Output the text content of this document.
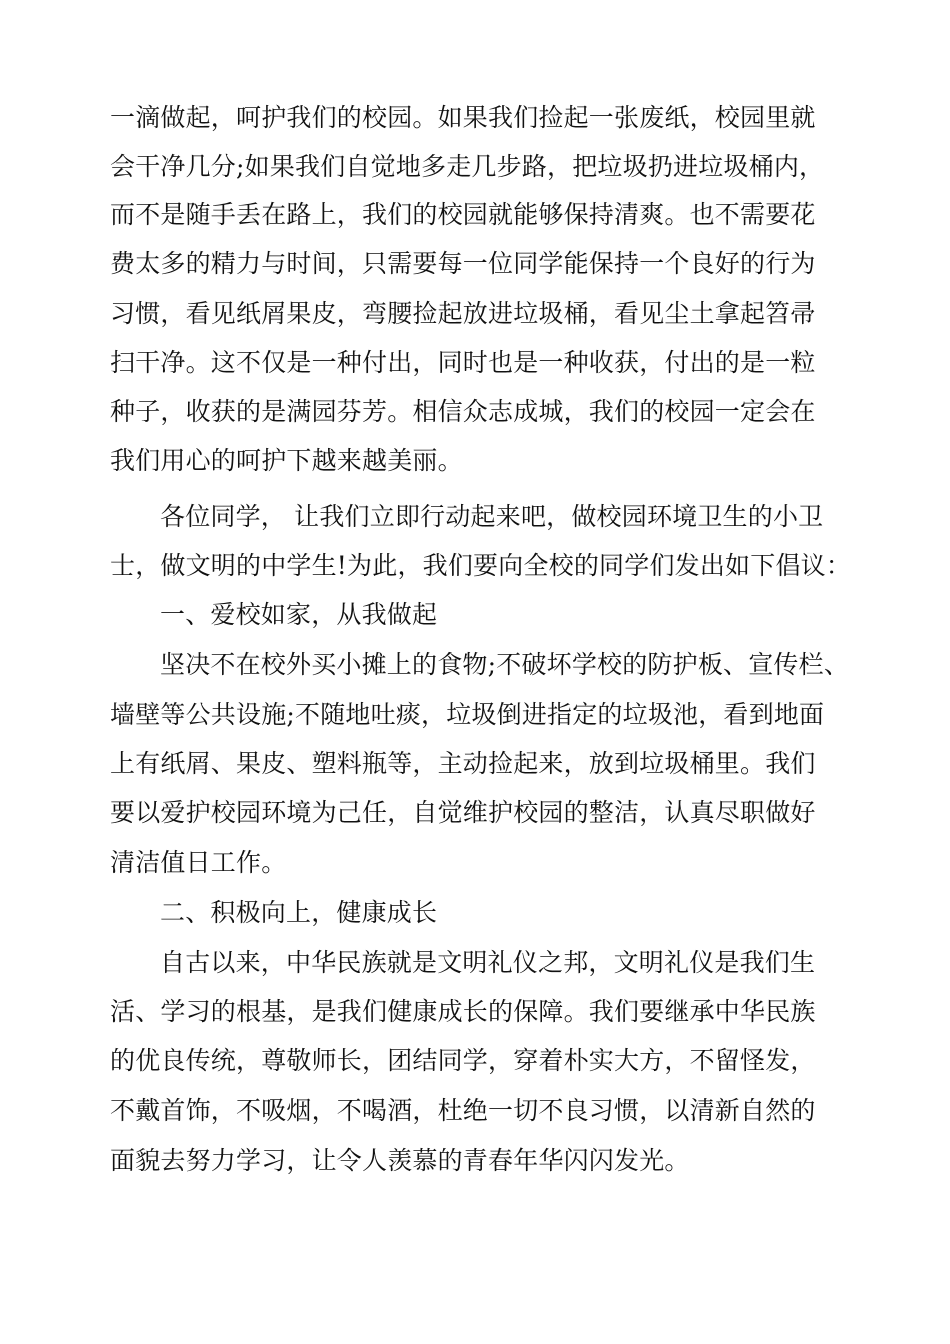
一滴做起，呵护我们的校园。如果我们捡起一张废纸，校园里就
会干净几分;如果我们自觉地多走几步路，把垃圾扔进垃圾桶内，
而不是随手丢在路上，我们的校园就能够保持清爽。也不需要花
费太多的精力与时间，只需要每一位同学能保持一个良好的行为
习惯，看见纸屑果皮，弯腰捡起放进垃圾桶，看见尘土拿起笤帚
扫干净。这不仅是一种付出，同时也是一种收获，付出的是一粒
种子，收获的是满园芬芳。相信众志成城，我们的校园一定会在
我们用心的呵护下越来越美丽。
各位同学， 让我们立即行动起来吧，做校园环境卫生的小卫
士，做文明的中学生!为此，我们要向全校的同学们发出如下倡议：
一、爱校如家，从我做起
坚决不在校外买小摊上的食物;不破坏学校的防护板、宣传栏、
墙壁等公共设施;不随地吐痰，垃圾倒进指定的垃圾池，看到地面
上有纸屑、果皮、塑料瓶等，主动捡起来，放到垃圾桶里。我们
要以爱护校园环境为己任，自觉维护校园的整洁，认真尽职做好
清洁值日工作。
二、积极向上，健康成长
自古以来，中华民族就是文明礼仪之邦，文明礼仪是我们生
活、学习的根基，是我们健康成长的保障。我们要继承中华民族
的优良传统，尊敬师长，团结同学，穿着朴实大方，不留怪发，
不戴首饰，不吸烟，不喝酒，杜绝一切不良习惯，以清新自然的
面貌去努力学习，让令人羡慕的青春年华闪闪发光。
